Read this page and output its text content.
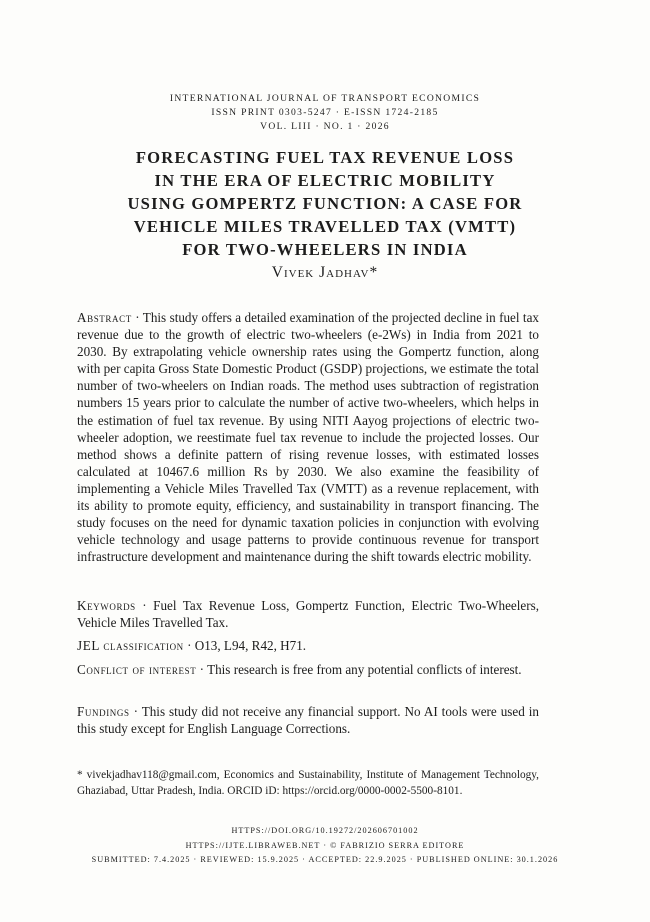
INTERNATIONAL JOURNAL OF TRANSPORT ECONOMICS
ISSN PRINT 0303-5247 · E-ISSN 1724-2185
VOL. LIII · NO. 1 · 2026
FORECASTING FUEL TAX REVENUE LOSS
IN THE ERA OF ELECTRIC MOBILITY
USING GOMPERTZ FUNCTION: A CASE FOR
VEHICLE MILES TRAVELLED TAX (VMTT)
FOR TWO-WHEELERS IN INDIA
Vivek Jadhav*
Abstract · This study offers a detailed examination of the projected decline in fuel tax revenue due to the growth of electric two-wheelers (e-2Ws) in India from 2021 to 2030. By extrapolating vehicle ownership rates using the Gompertz function, along with per capita Gross State Domestic Product (GSDP) projections, we estimate the total number of two-wheelers on Indian roads. The method uses subtraction of registration numbers 15 years prior to calculate the number of active two-wheelers, which helps in the estimation of fuel tax revenue. By using NITI Aayog projections of electric two-wheeler adoption, we reestimate fuel tax revenue to include the projected losses. Our method shows a definite pattern of rising revenue losses, with estimated losses calculated at 10467.6 million Rs by 2030. We also examine the feasibility of implementing a Vehicle Miles Travelled Tax (VMTT) as a revenue replacement, with its ability to promote equity, efficiency, and sustainability in transport financing. The study focuses on the need for dynamic taxation policies in conjunction with evolving vehicle technology and usage patterns to provide continuous revenue for transport infrastructure development and maintenance during the shift towards electric mobility.
Keywords · Fuel Tax Revenue Loss, Gompertz Function, Electric Two-Wheelers, Vehicle Miles Travelled Tax.
JEL classification · O13, L94, R42, H71.
Conflict of interest · This research is free from any potential conflicts of interest.
Fundings · This study did not receive any financial support. No AI tools were used in this study except for English Language Corrections.
* vivekjadhav118@gmail.com, Economics and Sustainability, Institute of Management Technology, Ghaziabad, Uttar Pradesh, India. ORCID iD: https://orcid.org/0000-0002-5500-8101.
HTTPS://DOI.ORG/10.19272/202606701002
HTTPS://IJTE.LIBRAWEB.NET · © FABRIZIO SERRA EDITORE
SUBMITTED: 7.4.2025 · REVIEWED: 15.9.2025 · ACCEPTED: 22.9.2025 · PUBLISHED ONLINE: 30.1.2026
